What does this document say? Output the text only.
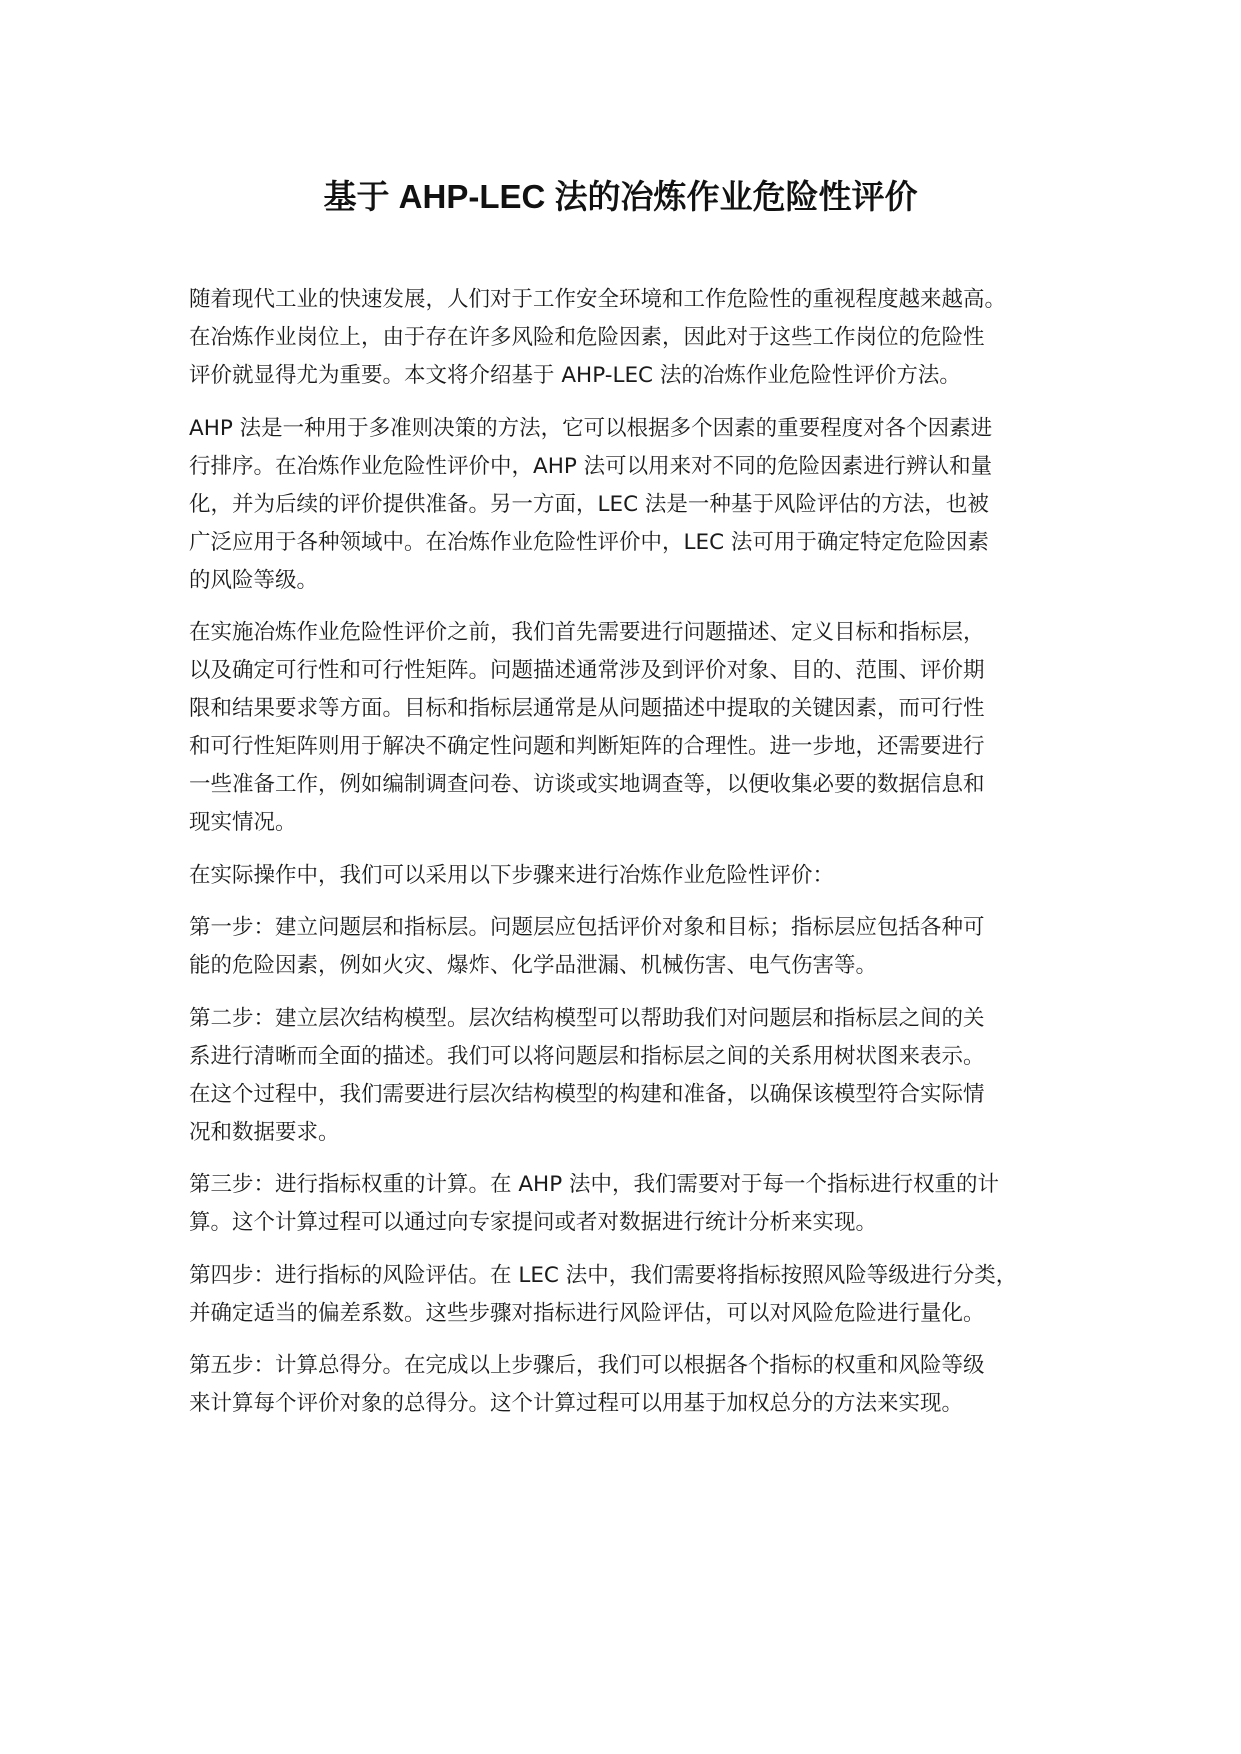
基于 AHP-LEC 法的冶炼作业危险性评价

随着现代工业的快速发展，人们对于工作安全环境和工作危险性的重视程度越来越高。
在冶炼作业岗位上，由于存在许多风险和危险因素，因此对于这些工作岗位的危险性
评价就显得尤为重要。本文将介绍基于 AHP-LEC 法的冶炼作业危险性评价方法。

AHP 法是一种用于多准则决策的方法，它可以根据多个因素的重要程度对各个因素进
行排序。在冶炼作业危险性评价中，AHP 法可以用来对不同的危险因素进行辨认和量
化，并为后续的评价提供准备。另一方面，LEC 法是一种基于风险评估的方法，也被
广泛应用于各种领域中。在冶炼作业危险性评价中，LEC 法可用于确定特定危险因素
的风险等级。

在实施冶炼作业危险性评价之前，我们首先需要进行问题描述、定义目标和指标层，
以及确定可行性和可行性矩阵。问题描述通常涉及到评价对象、目的、范围、评价期
限和结果要求等方面。目标和指标层通常是从问题描述中提取的关键因素，而可行性
和可行性矩阵则用于解决不确定性问题和判断矩阵的合理性。进一步地，还需要进行
一些准备工作，例如编制调查问卷、访谈或实地调查等，以便收集必要的数据信息和
现实情况。

在实际操作中，我们可以采用以下步骤来进行冶炼作业危险性评价：

第一步：建立问题层和指标层。问题层应包括评价对象和目标；指标层应包括各种可
能的危险因素，例如火灾、爆炸、化学品泄漏、机械伤害、电气伤害等。

第二步：建立层次结构模型。层次结构模型可以帮助我们对问题层和指标层之间的关
系进行清晰而全面的描述。我们可以将问题层和指标层之间的关系用树状图来表示。
在这个过程中，我们需要进行层次结构模型的构建和准备，以确保该模型符合实际情
况和数据要求。

第三步：进行指标权重的计算。在 AHP 法中，我们需要对于每一个指标进行权重的计
算。这个计算过程可以通过向专家提问或者对数据进行统计分析来实现。

第四步：进行指标的风险评估。在 LEC 法中，我们需要将指标按照风险等级进行分类，
并确定适当的偏差系数。这些步骤对指标进行风险评估，可以对风险危险进行量化。

第五步：计算总得分。在完成以上步骤后，我们可以根据各个指标的权重和风险等级
来计算每个评价对象的总得分。这个计算过程可以用基于加权总分的方法来实现。
